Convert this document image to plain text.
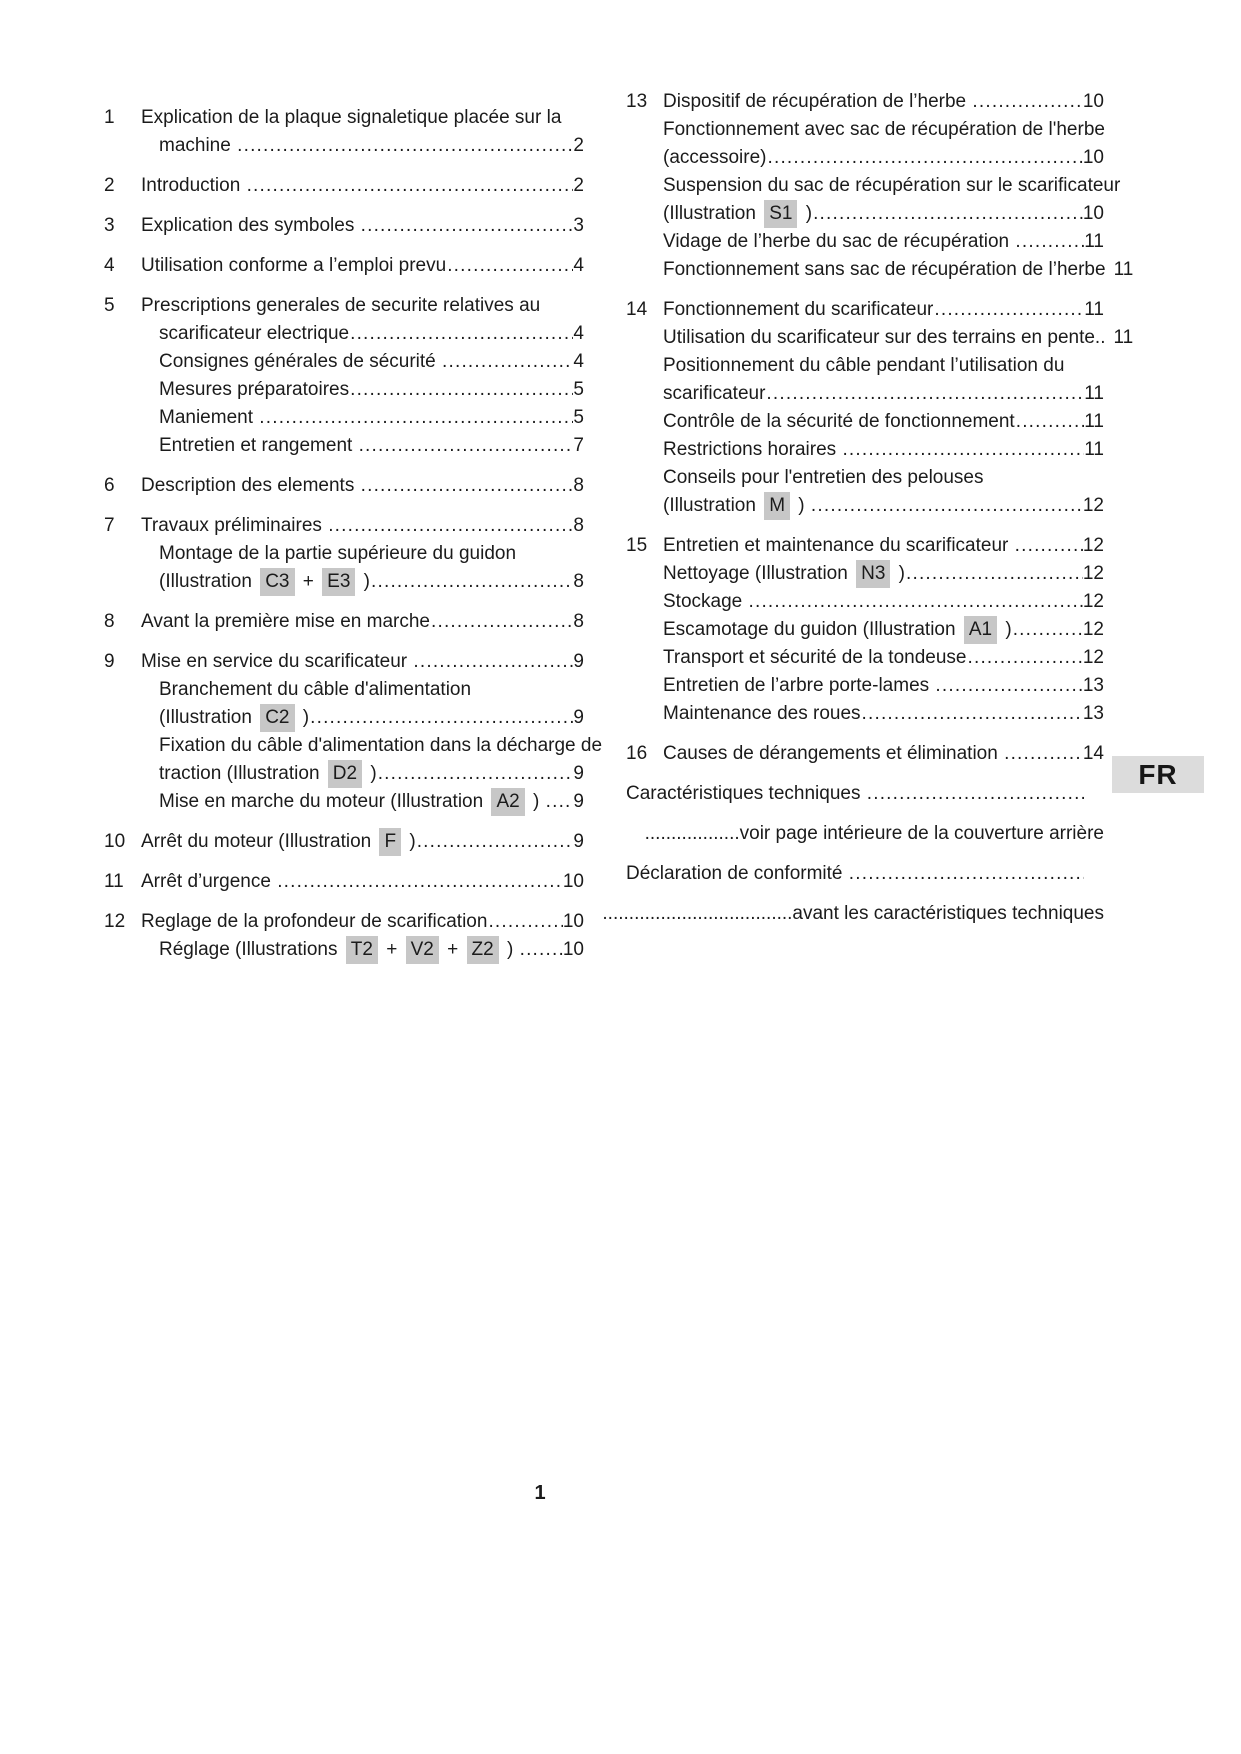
1	Explication de la plaque signaletique placée sur la
machine .....	2
2	Introduction .....	2
3	Explication des symboles .....	3
4	Utilisation conforme a l’emploi prevu .....	4
5	Prescriptions generales de securite relatives au
scarificateur electrique .....	4
Consignes générales de sécurité .....	4
Mesures préparatoires .....	5
Maniement .....	5
Entretien et rangement .....	7
6	Description des elements .....	8
7	Travaux préliminaires .....	8
Montage de la partie supérieure du guidon
(Illustration C3 + E3 ) .....	8
8	Avant la première mise en marche .....	8
9	Mise en service du scarificateur .....	9
Branchement du câble d'alimentation
(Illustration C2 ) .....	9
Fixation du câble d'alimentation dans la décharge de
traction (Illustration D2 ) .....	9
Mise en marche du moteur (Illustration A2 ) ..... 9
10 Arrêt du moteur (Illustration F ) .....	9
11 Arrêt d’urgence .....	10
12 Reglage de la profondeur de scarification .....	10
Réglage (Illustrations T2 + V2 + Z2 ) ..... 10
13 Dispositif de récupération de l’herbe .....	10
Fonctionnement avec sac de récupération de l'herbe
(accessoire) .....	10
Suspension du sac de récupération sur le scarificateur
(Illustration S1 ) .....	10
Vidage de l’herbe du sac de récupération .....	11
Fonctionnement sans sac de récupération de l’herbe 11
14 Fonctionnement du scarificateur .....	11
Utilisation du scarificateur sur des terrains en pente.. 11
Positionnement du câble pendant l’utilisation du
scarificateur .....	11
Contrôle de la sécurité de fonctionnement .....	11
Restrictions horaires .....	11
Conseils pour l'entretien des pelouses
(Illustration M ) .....	12
15 Entretien et maintenance du scarificateur .....	12
Nettoyage (Illustration N3 ) .....	12
Stockage .....	12
Escamotage du guidon (Illustration A1 ) .....	12
Transport et sécurité de la tondeuse .....	12
Entretien de l’arbre porte-lames .....	13
Maintenance des roues .....	13
16 Causes de dérangements et élimination .....	14
Caractéristiques techniques
.....
..................voir page intérieure de la couverture arrière
Déclaration de conformité
.....
....................................avant les caractéristiques techniques
FR
1
